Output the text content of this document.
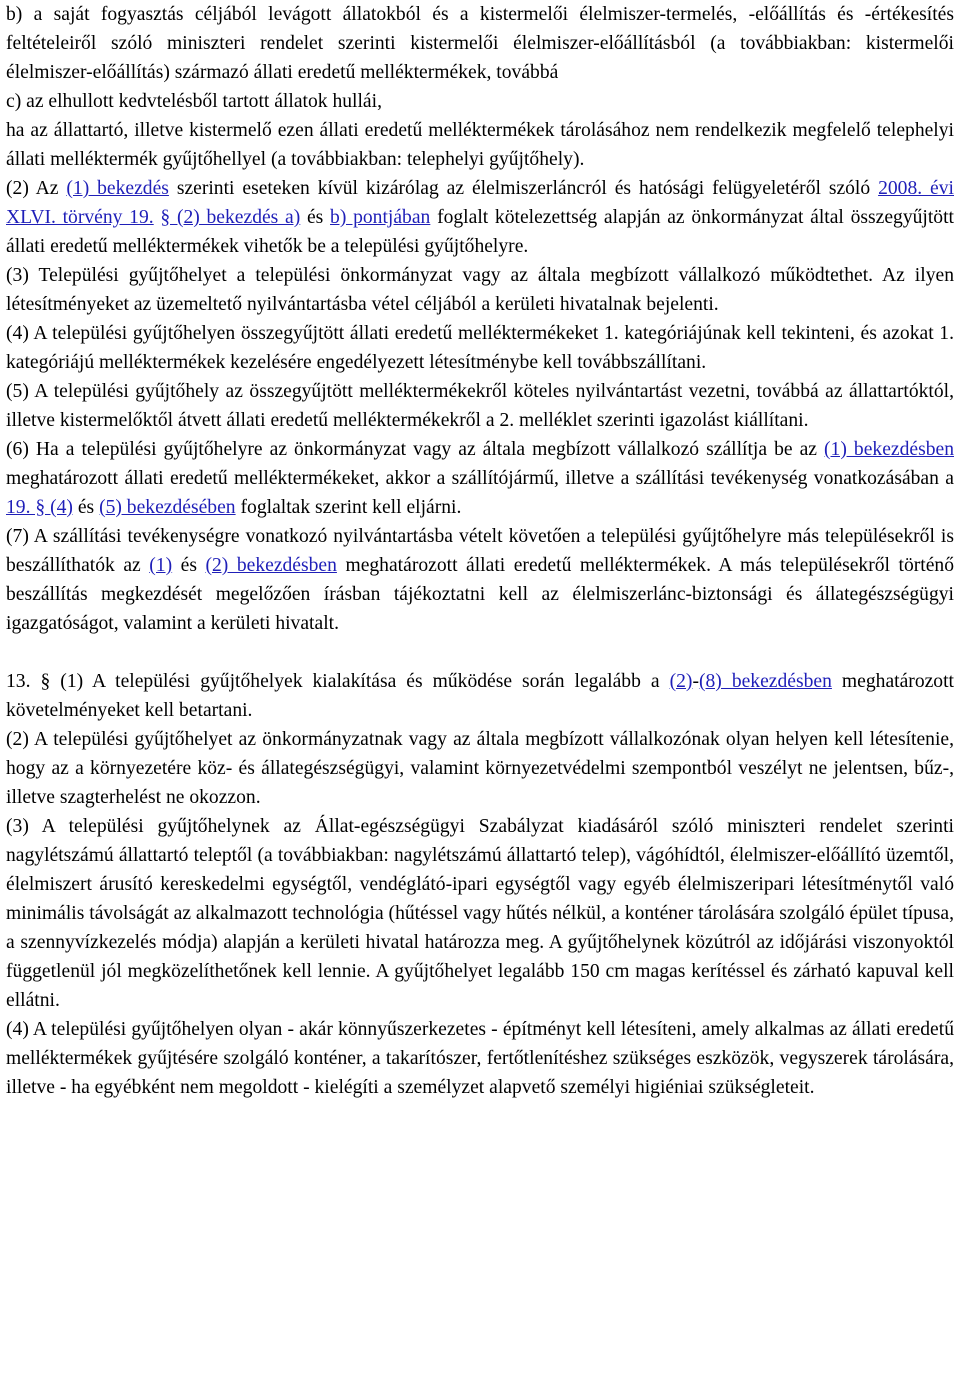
b) a saját fogyasztás céljából levágott állatokból és a kistermelői élelmiszer-termelés, -előállítás és -értékesítés feltételeiről szóló miniszteri rendelet szerinti kistermelői élelmiszer-előállításból (a továbbiakban: kistermelői élelmiszer-előállítás) származó állati eredetű melléktermékek, továbbá

c) az elhullott kedvtelésből tartott állatok hullái,

ha az állattartó, illetve kistermelő ezen állati eredetű melléktermékek tárolásához nem rendelkezik megfelelő telephelyi állati melléktermék gyűjtőhellyel (a továbbiakban: telephelyi gyűjtőhely).

(2) Az (1) bekezdés szerinti eseteken kívül kizárólag az élelmiszerláncról és hatósági felügyeletéről szóló 2008. évi XLVI. törvény 19. § (2) bekezdés a) és b) pontjában foglalt kötelezettség alapján az önkormányzat által összegyűjtött állati eredetű melléktermékek vihetők be a települési gyűjtőhelyre.

(3) Települési gyűjtőhelyet a települési önkormányzat vagy az általa megbízott vállalkozó működtethet. Az ilyen létesítményeket az üzemeltető nyilvántartásba vétel céljából a kerületi hivatalnak bejelenti.

(4) A települési gyűjtőhelyen összegyűjtött állati eredetű melléktermékeket 1. kategóriájúnak kell tekinteni, és azokat 1. kategóriájú melléktermékek kezelésére engedélyezett létesítménybe kell továbbszállítani.

(5) A települési gyűjtőhely az összegyűjtött melléktermékekről köteles nyilvántartást vezetni, továbbá az állattartóktól, illetve kistermelőktől átvett állati eredetű melléktermékekről a 2. melléklet szerinti igazolást kiállítani.

(6) Ha a települési gyűjtőhelyre az önkormányzat vagy az általa megbízott vállalkozó szállítja be az (1) bekezdésben meghatározott állati eredetű melléktermékeket, akkor a szállítójármű, illetve a szállítási tevékenység vonatkozásában a 19. § (4) és (5) bekezdésében foglaltak szerint kell eljárni.

(7) A szállítási tevékenységre vonatkozó nyilvántartásba vételt követően a települési gyűjtőhelyre más településekről is beszállíthatók az (1) és (2) bekezdésben meghatározott állati eredetű melléktermékek. A más településekről történő beszállítás megkezdését megelőzően írásban tájékoztatni kell az élelmiszerlánc-biztonsági és állategészségügyi igazgatóságot, valamint a kerületi hivatalt.

13. § (1) A települési gyűjtőhelyek kialakítása és működése során legalább a (2)-(8) bekezdésben meghatározott követelményeket kell betartani.

(2) A települési gyűjtőhelyet az önkormányzatnak vagy az általa megbízott vállalkozónak olyan helyen kell létesítenie, hogy az a környezetére köz- és állategészségügyi, valamint környezetvédelmi szempontból veszélyt ne jelentsen, bűz-, illetve szagterhelést ne okozzon.

(3) A települési gyűjtőhelynek az Állat-egészségügyi Szabályzat kiadásáról szóló miniszteri rendelet szerinti nagylétszámú állattartó teleptől (a továbbiakban: nagylétszámú állattartó telep), vágóhídtól, élelmiszer-előállító üzemtől, élelmiszert árusító kereskedelmi egységtől, vendéglátó-ipari egységtől vagy egyéb élelmiszeripari létesítménytől való minimális távolságát az alkalmazott technológia (hűtéssel vagy hűtés nélkül, a konténer tárolására szolgáló épület típusa, a szennyvízkezelés módja) alapján a kerületi hivatal határozza meg. A gyűjtőhelynek közútról az időjárási viszonyoktól függetlenül jól megközelíthetőnek kell lennie. A gyűjtőhelyet legalább 150 cm magas kerítéssel és zárható kapuval kell ellátni.

(4) A települési gyűjtőhelyen olyan - akár könnyűszerkezetes - építményt kell létesíteni, amely alkalmas az állati eredetű melléktermékek gyűjtésére szolgáló konténer, a takarítószer, fertőtlenítéshez szükséges eszközök, vegyszerek tárolására, illetve - ha egyébként nem megoldott - kielégíti a személyzet alapvető személyi higiéniai szükségleteit.
